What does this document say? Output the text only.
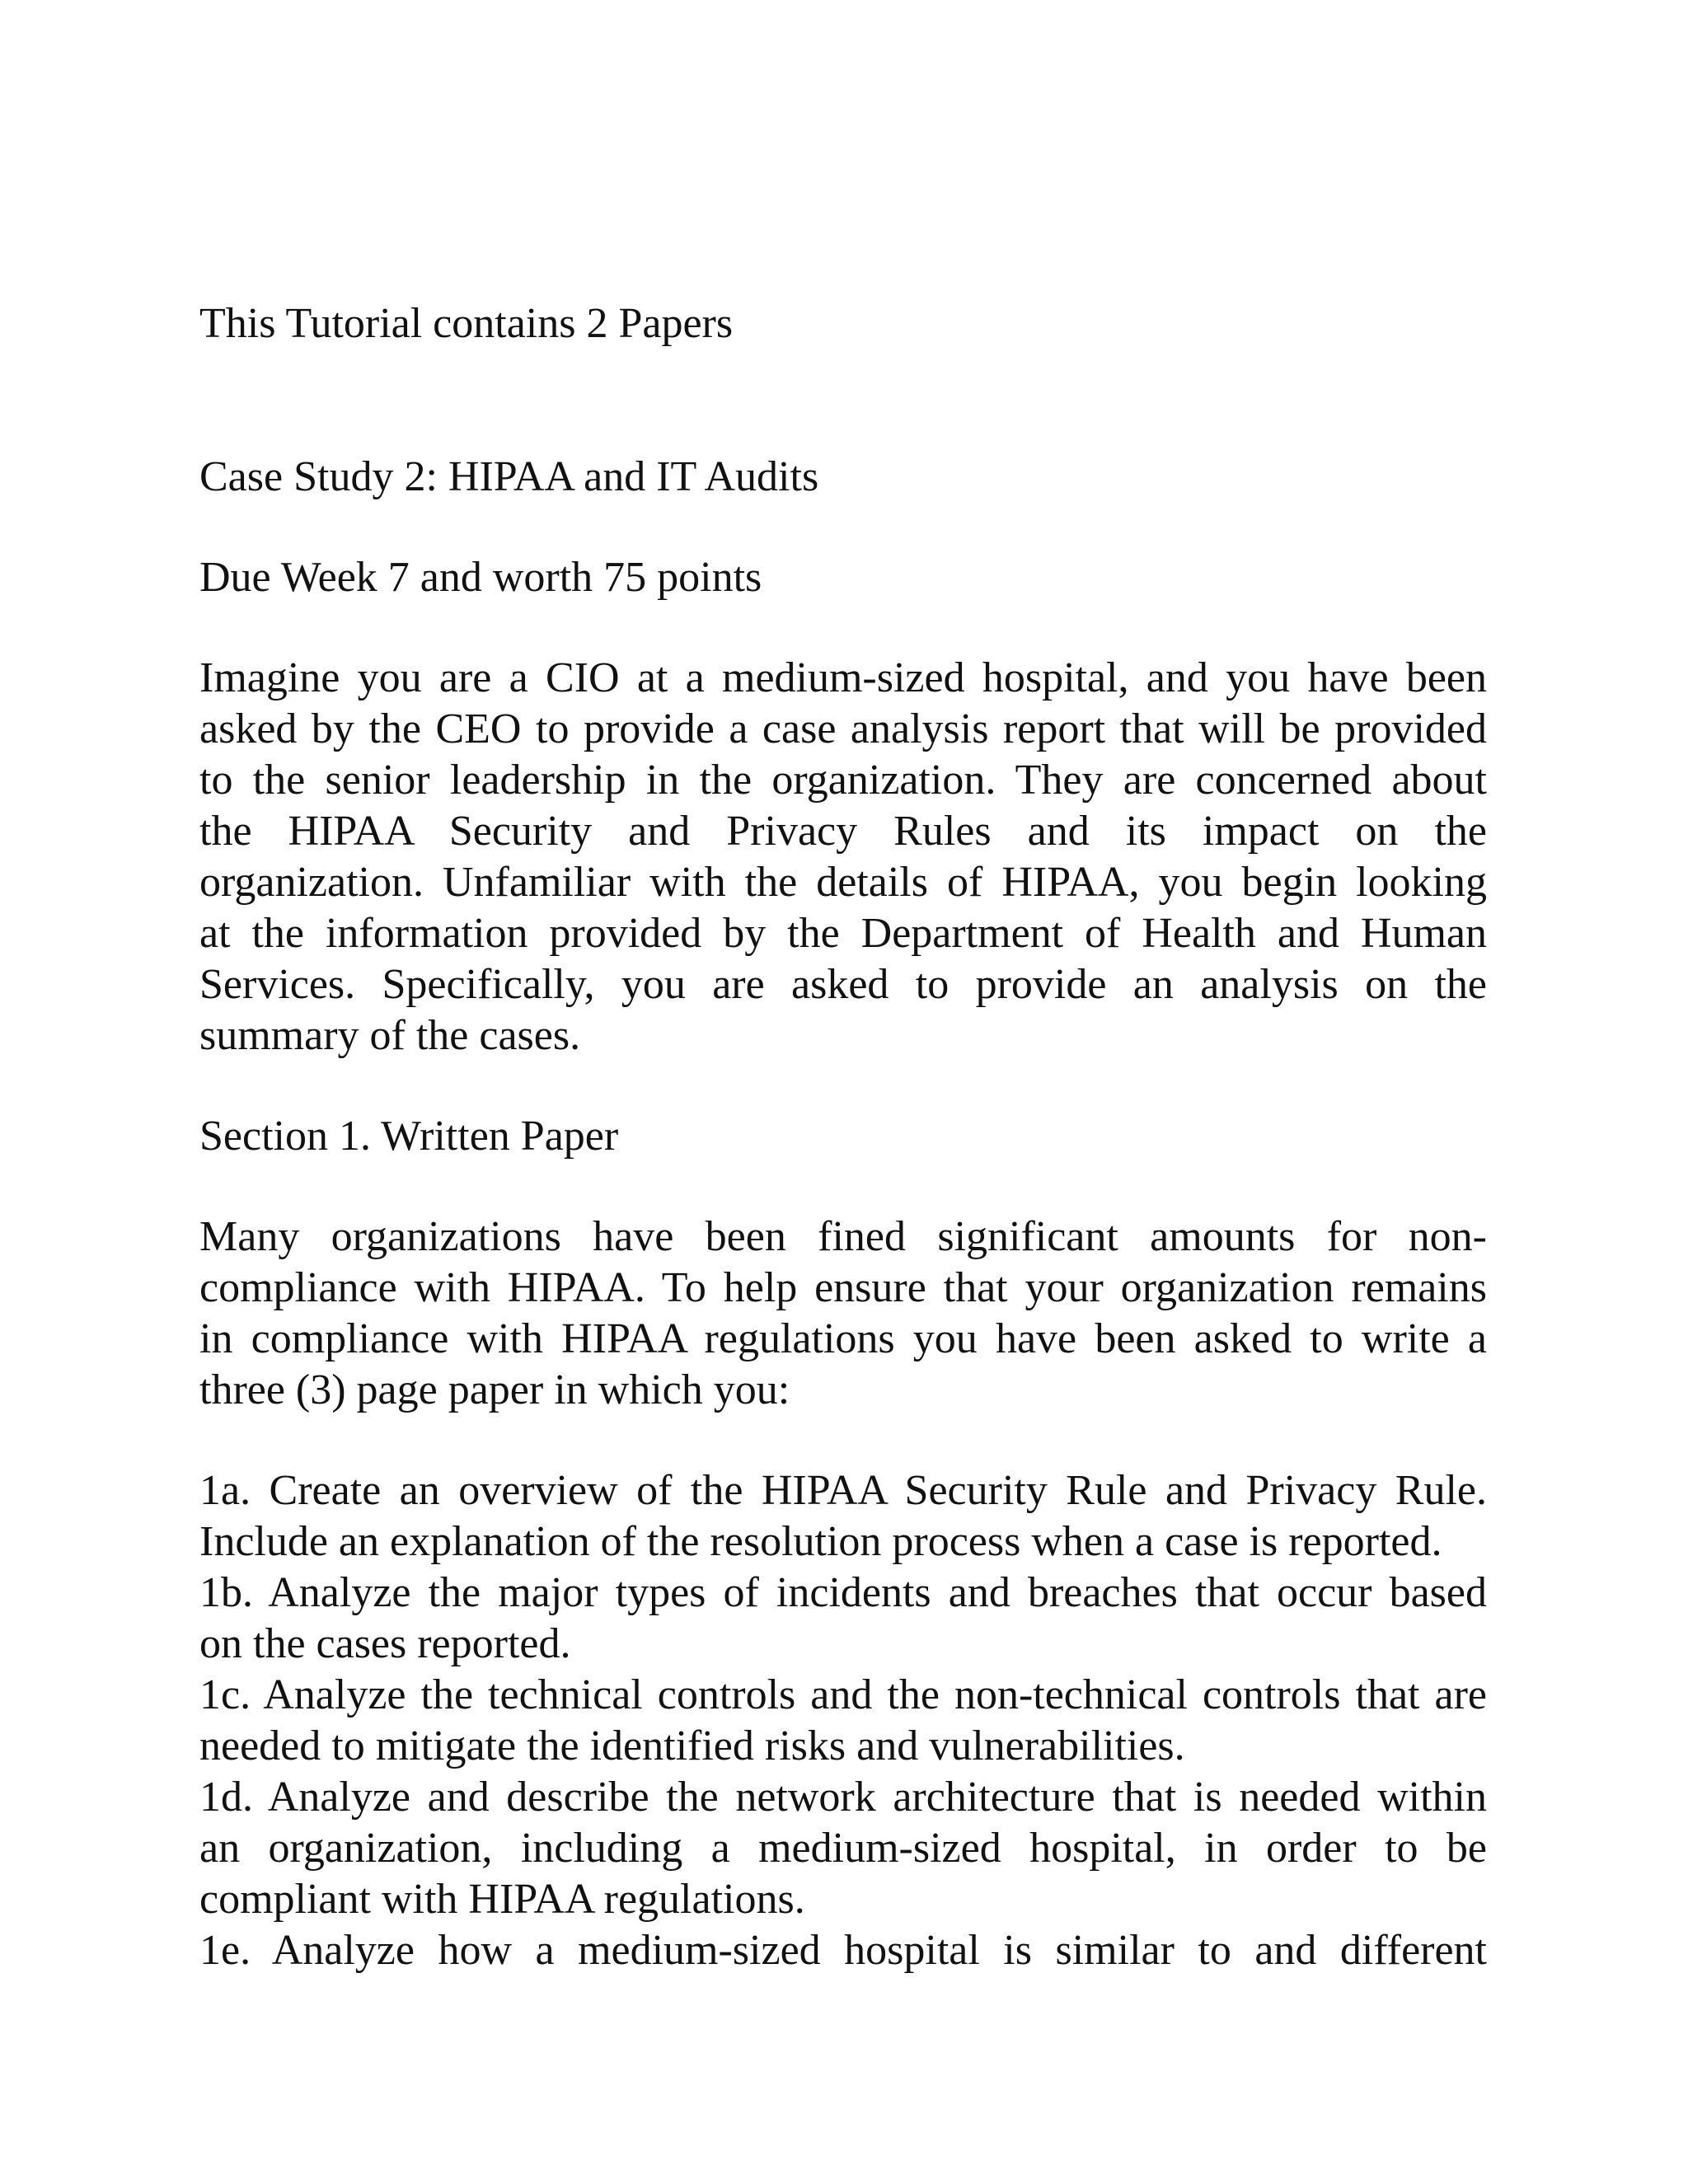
This Tutorial contains 2 Papers

Case Study 2: HIPAA and IT Audits

Due Week 7 and worth 75 points

Imagine you are a CIO at a medium-sized hospital, and you have been
asked by the CEO to provide a case analysis report that will be provided
to the senior leadership in the organization. They are concerned about
the HIPAA Security and Privacy Rules and its impact on the
organization. Unfamiliar with the details of HIPAA, you begin looking
at the information provided by the Department of Health and Human
Services. Specifically, you are asked to provide an analysis on the
summary of the cases.

Section 1. Written Paper

Many organizations have been fined significant amounts for non-
compliance with HIPAA. To help ensure that your organization remains
in compliance with HIPAA regulations you have been asked to write a
three (3) page paper in which you:
1a. Create an overview of the HIPAA Security Rule and Privacy Rule.
Include an explanation of the resolution process when a case is reported.
1b. Analyze the major types of incidents and breaches that occur based
on the cases reported.
1c. Analyze the technical controls and the non-technical controls that are
needed to mitigate the identified risks and vulnerabilities.
1d. Analyze and describe the network architecture that is needed within
an organization, including a medium-sized hospital, in order to be
compliant with HIPAA regulations.
1e. Analyze how a medium-sized hospital is similar to and different
